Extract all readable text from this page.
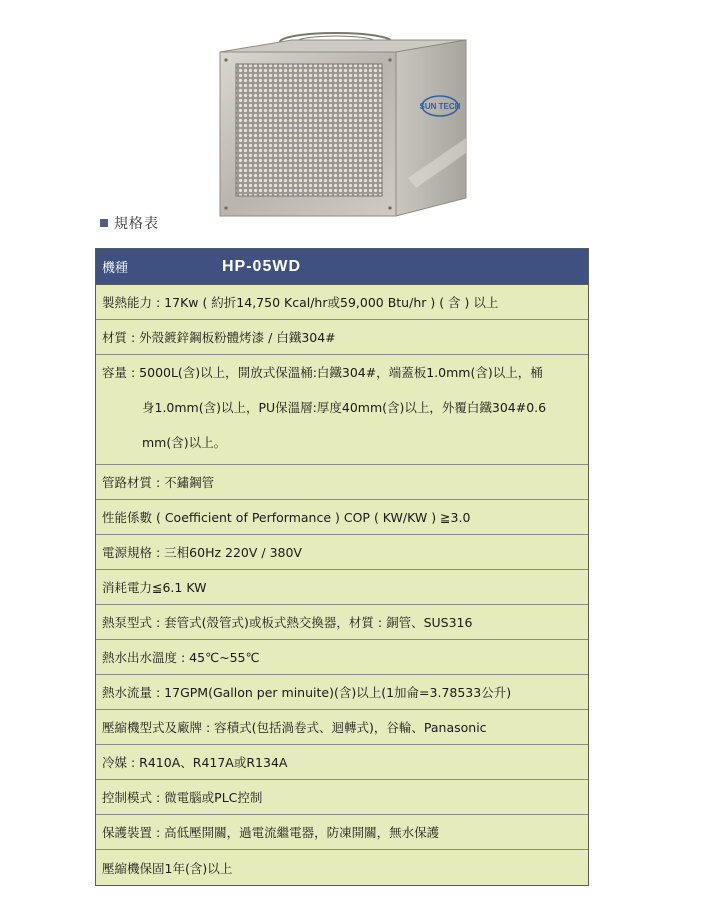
SUN TECH
規格表
機種	HP-05WD
製熱能力 : 17Kw ( 約折14,750 Kcal/hr或59,000 Btu/hr ) ( 含 ) 以上
材質 : 外殼鍍鋅鋼板粉體烤漆 / 白鐵304#
容量 : 5000L(含)以上，開放式保溫桶:白鐵304#，端蓋板1.0mm(含)以上，桶
身1.0mm(含)以上，PU保溫層:厚度40mm(含)以上，外覆白鐵304#0.6
mm(含)以上。
管路材質 : 不鏽鋼管
性能係數 ( Coefficient of Performance ) COP ( KW/KW ) ≧3.0
電源規格 : 三相60Hz 220V / 380V
消耗電力≦6.1 KW
熱泵型式 : 套管式(殼管式)或板式熱交換器，材質 : 銅管、SUS316
熱水出水溫度 : 45℃~55℃
熱水流量 : 17GPM(Gallon per minuite)(含)以上(1加侖=3.78533公升)
壓縮機型式及廠牌 : 容積式(包括渦卷式、迴轉式)，谷輪、Panasonic
冷媒 : R410A、R417A或R134A
控制模式 : 微電腦或PLC控制
保護裝置 : 高低壓開關，過電流繼電器，防凍開關，無水保護
壓縮機保固1年(含)以上
